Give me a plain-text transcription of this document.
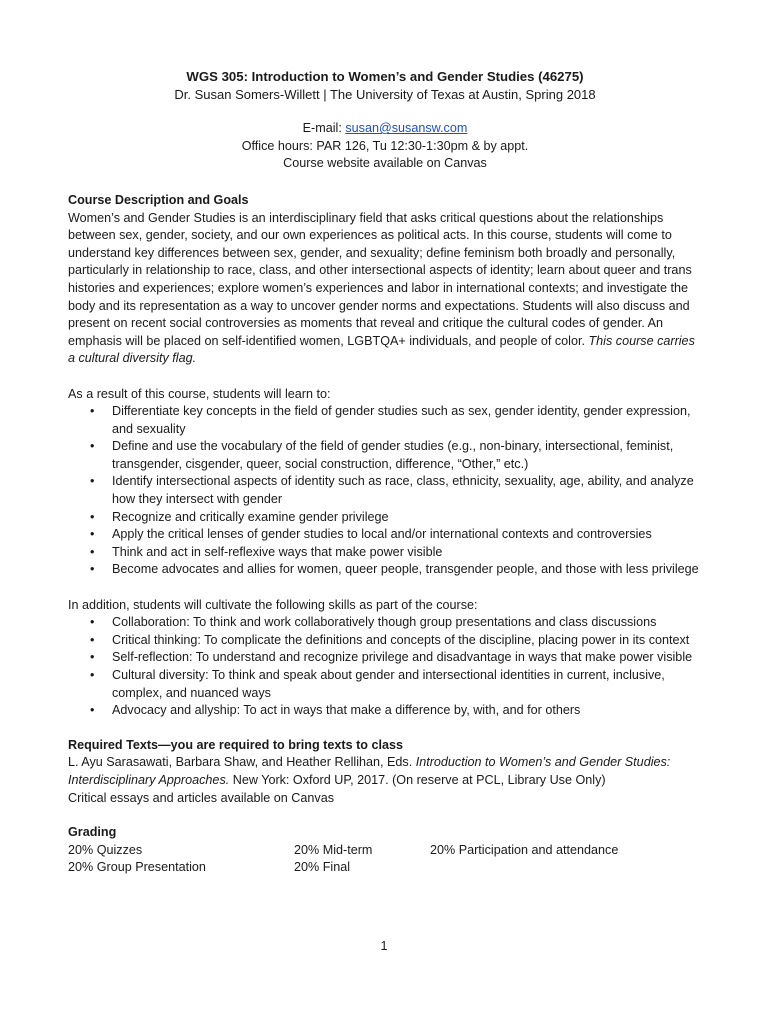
WGS 305: Introduction to Women’s and Gender Studies (46275)
Dr. Susan Somers-Willett | The University of Texas at Austin, Spring 2018
E-mail: susan@susansw.com
Office hours: PAR 126, Tu 12:30-1:30pm & by appt.
Course website available on Canvas
Course Description and Goals
Women’s and Gender Studies is an interdisciplinary field that asks critical questions about the relationships between sex, gender, society, and our own experiences as political acts. In this course, students will come to understand key differences between sex, gender, and sexuality; define feminism both broadly and personally, particularly in relationship to race, class, and other intersectional aspects of identity; learn about queer and trans histories and experiences; explore women’s experiences and labor in international contexts; and investigate the body and its representation as a way to uncover gender norms and expectations. Students will also discuss and present on recent social controversies as moments that reveal and critique the cultural codes of gender. An emphasis will be placed on self-identified women, LGBTQA+ individuals, and people of color. This course carries a cultural diversity flag.
As a result of this course, students will learn to:
• Differentiate key concepts in the field of gender studies such as sex, gender identity, gender expression, and sexuality
• Define and use the vocabulary of the field of gender studies (e.g., non-binary, intersectional, feminist, transgender, cisgender, queer, social construction, difference, “Other,” etc.)
• Identify intersectional aspects of identity such as race, class, ethnicity, sexuality, age, ability, and analyze how they intersect with gender
• Recognize and critically examine gender privilege
• Apply the critical lenses of gender studies to local and/or international contexts and controversies
• Think and act in self-reflexive ways that make power visible
• Become advocates and allies for women, queer people, transgender people, and those with less privilege
In addition, students will cultivate the following skills as part of the course:
• Collaboration: To think and work collaboratively though group presentations and class discussions
• Critical thinking: To complicate the definitions and concepts of the discipline, placing power in its context
• Self-reflection: To understand and recognize privilege and disadvantage in ways that make power visible
• Cultural diversity: To think and speak about gender and intersectional identities in current, inclusive, complex, and nuanced ways
• Advocacy and allyship: To act in ways that make a difference by, with, and for others
Required Texts—you are required to bring texts to class
L. Ayu Sarasawati, Barbara Shaw, and Heather Rellihan, Eds. Introduction to Women’s and Gender Studies: Interdisciplinary Approaches. New York: Oxford UP, 2017. (On reserve at PCL, Library Use Only)
Critical essays and articles available on Canvas
Grading
20% Quizzes	20% Mid-term	20% Participation and attendance
20% Group Presentation	20% Final
1
